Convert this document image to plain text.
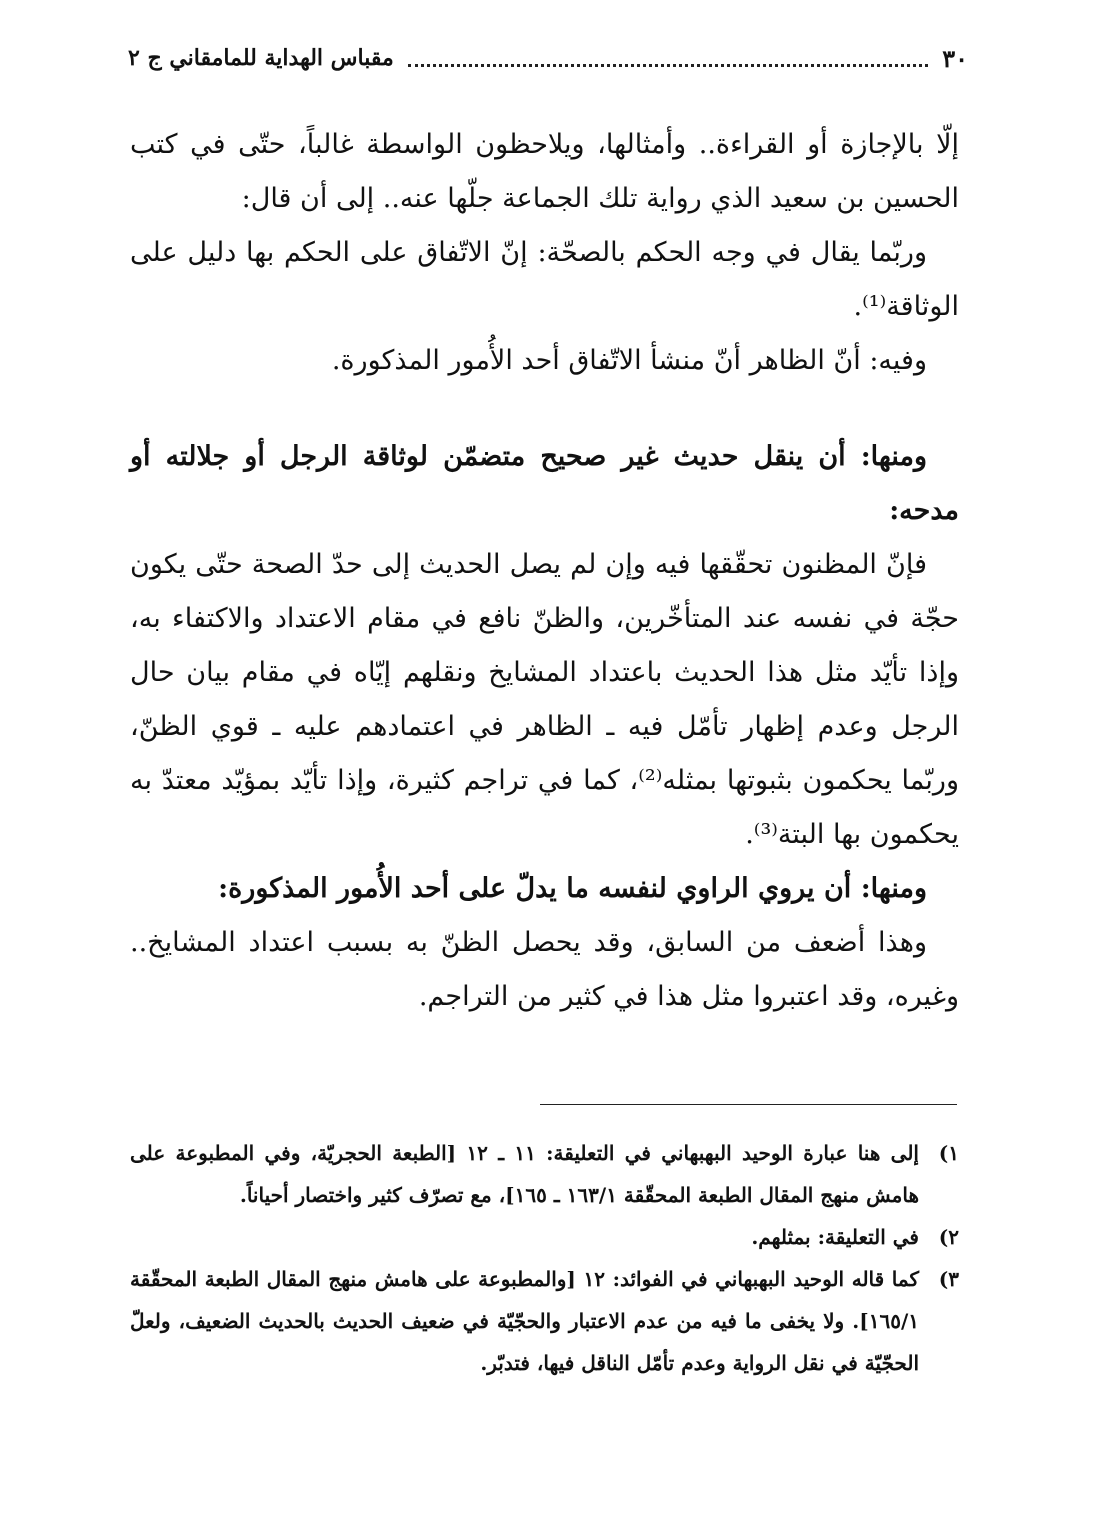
٣٠
مقباس الهداية للمامقاني ج ٢

إلّا بالإجازة أو القراءة.. وأمثالها، ويلاحظون الواسطة غالباً، حتّى في كتب الحسين بن سعيد الذي رواية تلك الجماعة جلّها عنه.. إلى أن قال:

وربّما يقال في وجه الحكم بالصحّة: إنّ الاتّفاق على الحكم بها دليل على الوثاقة⁽¹⁾.

وفيه: أنّ الظاهر أنّ منشأ الاتّفاق أحد الأُمور المذكورة.

ومنها: أن ينقل حديث غير صحيح متضمّن لوثاقة الرجل أو جلالته أو مدحه:

فإنّ المظنون تحقّقها فيه وإن لم يصل الحديث إلى حدّ الصحة حتّى يكون حجّة في نفسه عند المتأخّرين، والظنّ نافع في مقام الاعتداد والاكتفاء به، وإذا تأيّد مثل هذا الحديث باعتداد المشايخ ونقلهم إيّاه في مقام بيان حال الرجل وعدم إظهار تأمّل فيه ـ الظاهر في اعتمادهم عليه ـ قوي الظنّ، وربّما يحكمون بثبوتها بمثله⁽²⁾، كما في تراجم كثيرة، وإذا تأيّد بمؤيّد معتدّ به يحكمون بها البتة⁽³⁾.

ومنها: أن يروي الراوي لنفسه ما يدلّ على أحد الأُمور المذكورة:

وهذا أضعف من السابق، وقد يحصل الظنّ به بسبب اعتداد المشايخ.. وغيره، وقد اعتبروا مثل هذا في كثير من التراجم.

١)
إلى هنا عبارة الوحيد البهبهاني في التعليقة: ١١ ـ ١٢ [الطبعة الحجريّة، وفي المطبوعة على هامش منهج المقال الطبعة المحقّقة ١٦٣/١ ـ ١٦٥]، مع تصرّف كثير واختصار أحياناً.
٢)
في التعليقة: بمثلهم.
٣)
كما قاله الوحيد البهبهاني في الفوائد: ١٢ [والمطبوعة على هامش منهج المقال الطبعة المحقّقة ١٦٥/١]. ولا يخفى ما فيه من عدم الاعتبار والحجّيّة في ضعيف الحديث بالحديث الضعيف، ولعلّ الحجّيّة في نقل الرواية وعدم تأمّل الناقل فيها، فتدبّر.
